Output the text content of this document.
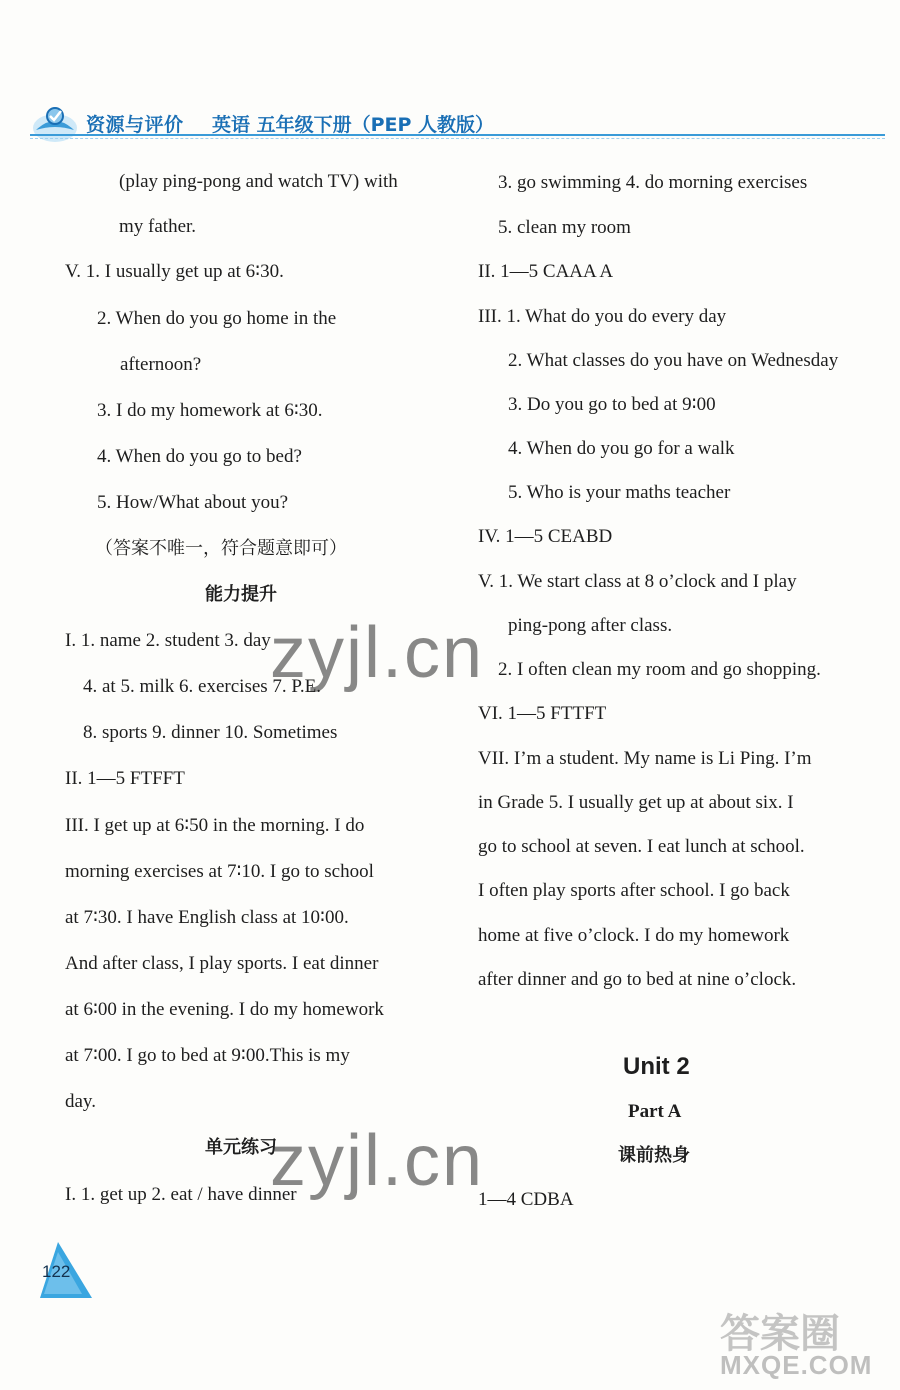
资源与评价 英语 五年级下册（PEP 人教版）
(play ping-pong and watch TV) with
my father.
V. 1. I usually get up at 6∶30.
2. When do you go home in the
afternoon?
3. I do my homework at 6∶30.
4. When do you go to bed?
5. How/What about you?
（答案不唯一，符合题意即可）
能力提升
I. 1. name 2. student 3. day
4. at 5. milk 6. exercises 7. P.E.
8. sports 9. dinner 10. Sometimes
II. 1—5 FTFFT
III. I get up at 6∶50 in the morning. I do
morning exercises at 7∶10. I go to school
at 7∶30. I have English class at 10∶00.
And after class, I play sports. I eat dinner
at 6∶00 in the evening. I do my homework
at 7∶00. I go to bed at 9∶00.This is my
day.
单元练习
I. 1. get up 2. eat / have dinner
3. go swimming 4. do morning exercises
5. clean my room
II. 1—5 CAAA A
III. 1. What do you do every day
2. What classes do you have on Wednesday
3. Do you go to bed at 9∶00
4. When do you go for a walk
5. Who is your maths teacher
IV. 1—5 CEABD
V. 1. We start class at 8 o’clock and I play
ping-pong after class.
2. I often clean my room and go shopping.
VI. 1—5 FTTFT
VII. I’m a student. My name is Li Ping. I’m
in Grade 5. I usually get up at about six. I
go to school at seven. I eat lunch at school.
I often play sports after school. I go back
home at five o’clock. I do my homework
after dinner and go to bed at nine o’clock.
Unit 2
Part A
课前热身
1—4 CDBA
122
zyjl.cn
zyjl.cn
答案圈
MXQE.COM
